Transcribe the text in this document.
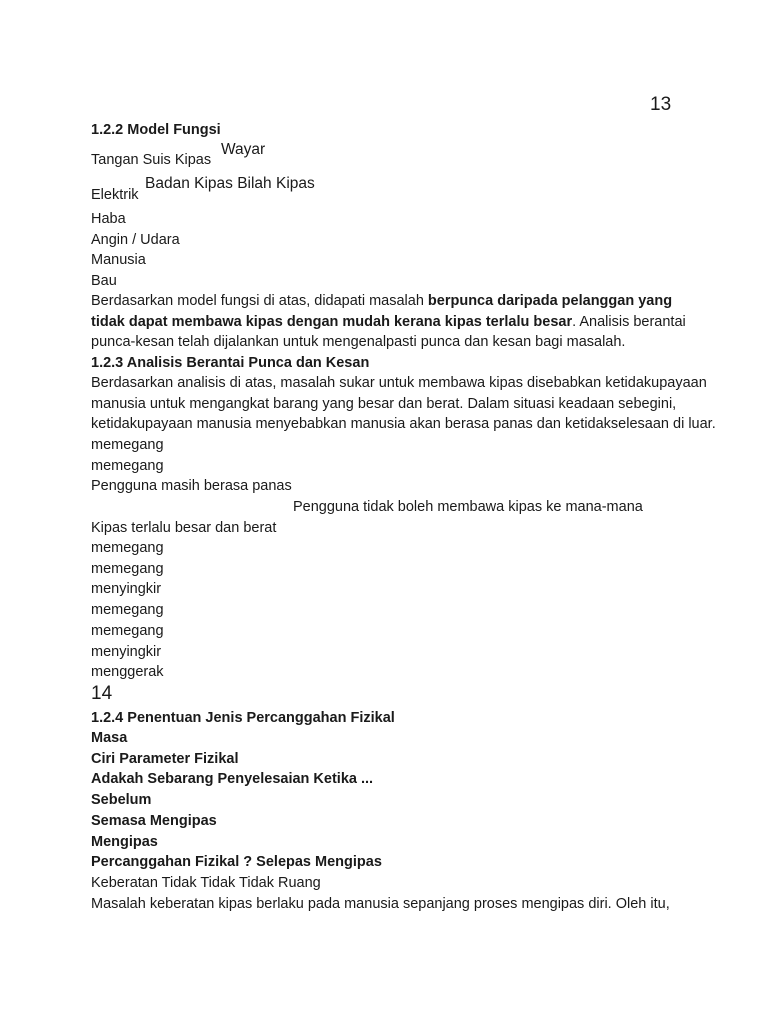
13
1.2.2 Model Fungsi
Tangan Suis Kipas
Wayar
Elektrik
Badan Kipas Bilah Kipas
Haba
Angin / Udara
Manusia
Bau
Berdasarkan model fungsi di atas, didapati masalah berpunca daripada pelanggan yang
tidak dapat membawa kipas dengan mudah kerana kipas terlalu besar. Analisis berantai
punca-kesan telah dijalankan untuk mengenalpasti punca dan kesan bagi masalah.
1.2.3 Analisis Berantai Punca dan Kesan
Berdasarkan analisis di atas, masalah sukar untuk membawa kipas disebabkan ketidakupayaan
manusia untuk mengangkat barang yang besar dan berat. Dalam situasi keadaan sebegini,
ketidakupayaan manusia menyebabkan manusia akan berasa panas dan ketidakselesaan di luar.
memegang
memegang
Pengguna masih berasa panas
Pengguna tidak boleh membawa kipas ke mana-mana
Kipas terlalu besar dan berat
memegang
memegang
menyingkir
memegang
memegang
menyingkir
menggerak
14
1.2.4 Penentuan Jenis Percanggahan Fizikal
Masa
Ciri Parameter Fizikal
Adakah Sebarang Penyelesaian Ketika ...
Sebelum
Semasa Mengipas
Mengipas
Percanggahan Fizikal ? Selepas Mengipas
Keberatan Tidak Tidak Tidak Ruang
Masalah keberatan kipas berlaku pada manusia sepanjang proses mengipas diri. Oleh itu,
